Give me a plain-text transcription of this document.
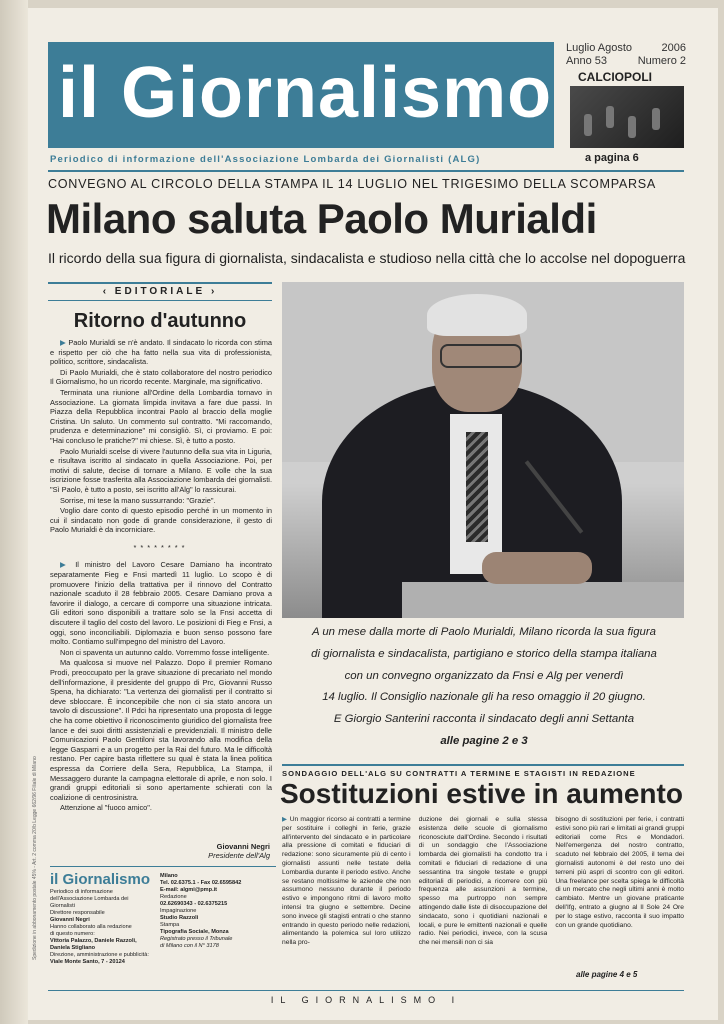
il Giornalismo
Luglio Agosto	2006
Anno 53	Numero 2
CALCIOPOLI
a pagina 6
Periodico di informazione dell'Associazione Lombarda dei Giornalisti (ALG)
CONVEGNO AL CIRCOLO DELLA STAMPA IL 14 LUGLIO NEL TRIGESIMO DELLA SCOMPARSA
Milano saluta Paolo Murialdi
Il ricordo della sua figura di giornalista, sindacalista e studioso nella città che lo accolse nel dopoguerra
‹ EDITORIALE ›
Ritorno d'autunno

▶ Paolo Murialdi se n'è andato. Il sindacato lo ricorda con stima e rispetto per ciò che ha fatto nella sua vita di professionista, politico, scrittore, sindacalista.

Di Paolo Murialdi, che è stato collaboratore del nostro periodico Il Giornalismo, ho un ricordo recente. Marginale, ma significativo.

Terminata una riunione all'Ordine della Lombardia tornavo in Associazione. La giornata limpida invitava a fare due passi. In Piazza della Repubblica incontrai Paolo al braccio della moglie Cristina. Un saluto. Un commento sul contratto. "Mi raccomando, prudenza e determinazione" mi consigliò. Sì, ci proviamo. E poi: "Hai concluso le pratiche?" mi chiese. Sì, è tutto a posto.

Paolo Murialdi scelse di vivere l'autunno della sua vita in Liguria, e risultava iscritto al sindacato in quella Associazione. Poi, per motivi di salute, decise di tornare a Milano. E volle che la sua iscrizione fosse trasferita alla Associazione lombarda dei giornalisti. "Sì Paolo, è tutto a posto, sei iscritto all'Alg" lo rassicurai.

Sorrise, mi tese la mano sussurrando: "Grazie".

Voglio dare conto di questo episodio perché in un momento in cui il sindacato non gode di grande considerazione, il gesto di Paolo Murialdi è da incorniciare.

********

▶ Il ministro del Lavoro Cesare Damiano ha incontrato separatamente Fieg e Fnsi martedì 11 luglio. Lo scopo è di promuovere l'inizio della trattativa per il rinnovo del Contratto nazionale scaduto il 28 febbraio 2005. Cesare Damiano prova a favorire il dialogo, a cercare di comporre una situazione intricata. Gli editori sono disponibili a trattare solo se la Fnsi accetta di discutere il taglio del costo del lavoro. Le posizioni di Fieg e Fnsi, a oggi, sono inconciliabili. Diplomazia e buon senso possono fare molto. Contiamo sull'impegno del ministro del Lavoro.

Non ci spaventa un autunno caldo. Vorremmo fosse intelligente.

Ma qualcosa si muove nel Palazzo. Dopo il premier Romano Prodi, preoccupato per la grave situazione di precariato nel mondo dell'informazione, il presidente del gruppo di Prc, Giovanni Russo Spena, ha dichiarato: "La vertenza dei giornalisti per il contratto si deve sbloccare. È inconcepibile che non ci sia stato ancora un tavolo di discussione". Il Pdci ha ripresentato una proposta di legge che ha come obiettivo il riconoscimento giuridico del giornalista free lance e dei suoi diritti assistenziali e previdenziali. Il ministro delle Comunicazioni Paolo Gentiloni sta lavorando alla modifica della legge Gasparri e a un progetto per la Rai del futuro. Ma le difficoltà restano. Per capire basta riflettere su qual è stata la linea politica espressa da Corriere della Sera, Repubblica, La Stampa, il Messaggero durante la campagna elettorale di aprile, e non solo. I grandi gruppi editoriali si sono apertamente schierati con la coalizione di centrosinistra.

Attenzione al "fuoco amico".

Giovanni Negri
Presidente dell'Alg
Spedizione in abbonamento postale 45% - Art. 2 comma 20/b Legge 662/96 Filiale di Milano il Giornalismo
Periodico di informazione
dell'Associazione Lombarda dei
Giornalisti
Direttore responsabile
Giovanni Negri
Hanno collaborato alla redazione
di questo numero:
Vittoria Palazzo, Daniele Razzoli,
Daniela Stigliano
Direzione, amministrazione e pubblicità:
Viale Monte Santo, 7 - 20124
Milano
Tel. 02.6375.1 - Fax 02.6595842
E-mail: algmi@pmp.it
Redazione
02.62690343 - 02.6375215
Impaginazione
Studio Razzoli
Stampa
Tipografia Sociale, Monza
Registrato presso il Tribunale
di Milano con il N° 3178
A un mese dalla morte di Paolo Murialdi, Milano ricorda la sua figura
di giornalista e sindacalista, partigiano e storico della stampa italiana
con un convegno organizzato da Fnsi e Alg per venerdì
14 luglio. Il Consiglio nazionale gli ha reso omaggio il 20 giugno.
E Giorgio Santerini racconta il sindacato degli anni Settanta
alle pagine 2 e 3
SONDAGGIO DELL'ALG SU CONTRATTI A TERMINE E STAGISTI IN REDAZIONE
Sostituzioni estive in aumento

▶ Un maggior ricorso ai contratti a termine per sostituire i colleghi in ferie, grazie all'intervento del sindacato e in particolare alla pressione di comitati e fiduciari di redazione: sono sicuramente più di cento i giornalisti assunti nelle testate della Lombardia durante il periodo estivo. Anche se restano moltissime le aziende che non assumono nessuno durante il periodo estivo e impongono ritmi di lavoro molto intensi tra giugno e settembre. Decine sono invece gli stagisti entrati o che stanno entrando in questo periodo nelle redazioni, alimentando la polemica sul loro utilizzo nella pro-

duzione dei giornali e sulla stessa esistenza delle scuole di giornalismo riconosciute dall'Ordine. Secondo i risultati di un sondaggio che l'Associazione lombarda dei giornalisti ha condotto tra i comitati e fiduciari di redazione di una sessantina tra singole testate e gruppi editoriali di periodici, a ricorrere con più frequenza alle assunzioni a termine, spesso ma purtroppo non sempre attingendo dalle liste di disoccupazione del sindacato, sono i quotidiani nazionali e locali, e pure le emittenti nazionali e quelle radio. Nei periodici, invece, con la scusa che nei mensili non ci sia

bisogno di sostituzioni per ferie, i contratti estivi sono più rari e limitati ai grandi gruppi editoriali come Rcs e Mondadori. Nell'emergenza del nostro contratto, scaduto nel febbraio del 2005, il tema dei giornalisti autonomi è del resto uno dei terreni più aspri di scontro con gli editori. Una freelance per scelta spiega le difficoltà di un mercato che negli ultimi anni è molto cambiato. Mentre un giovane praticante dell'Ifg, entrato a giugno al Il Sole 24 Ore per lo stage estivo, racconta il suo impatto con un grande quotidiano.

alle pagine 4 e 5
IL GIORNALISMO I
